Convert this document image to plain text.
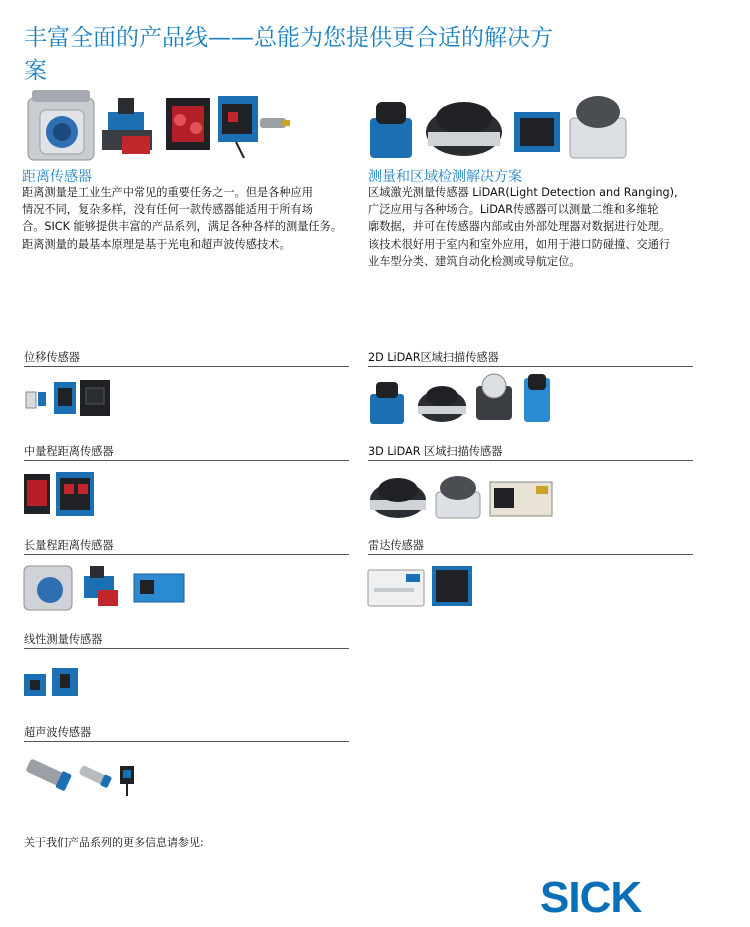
丰富全面的产品线——总能为您提供更合适的解决方
案
距离传感器
距离测量是工业生产中常见的重要任务之一。但是各种应用
情况不同，复杂多样，没有任何一款传感器能适用于所有场
合。SICK 能够提供丰富的产品系列，满足各种各样的测量任务。
距离测量的最基本原理是基于光电和超声波传感技术。
测量和区域检测解决方案
区域激光测量传感器 LiDAR(Light Detection and Ranging),
广泛应用与各种场合。LiDAR传感器可以测量二维和多维轮
廓数据，并可在传感器内部或由外部处理器对数据进行处理。
该技术很好用于室内和室外应用，如用于港口防碰撞、交通行
业车型分类、建筑自动化检测或导航定位。
位移传感器
中量程距离传感器
长量程距离传感器
线性测量传感器
超声波传感器
2D LiDAR区域扫描传感器
3D LiDAR 区域扫描传感器
雷达传感器
关于我们产品系列的更多信息请参见:
SICK
